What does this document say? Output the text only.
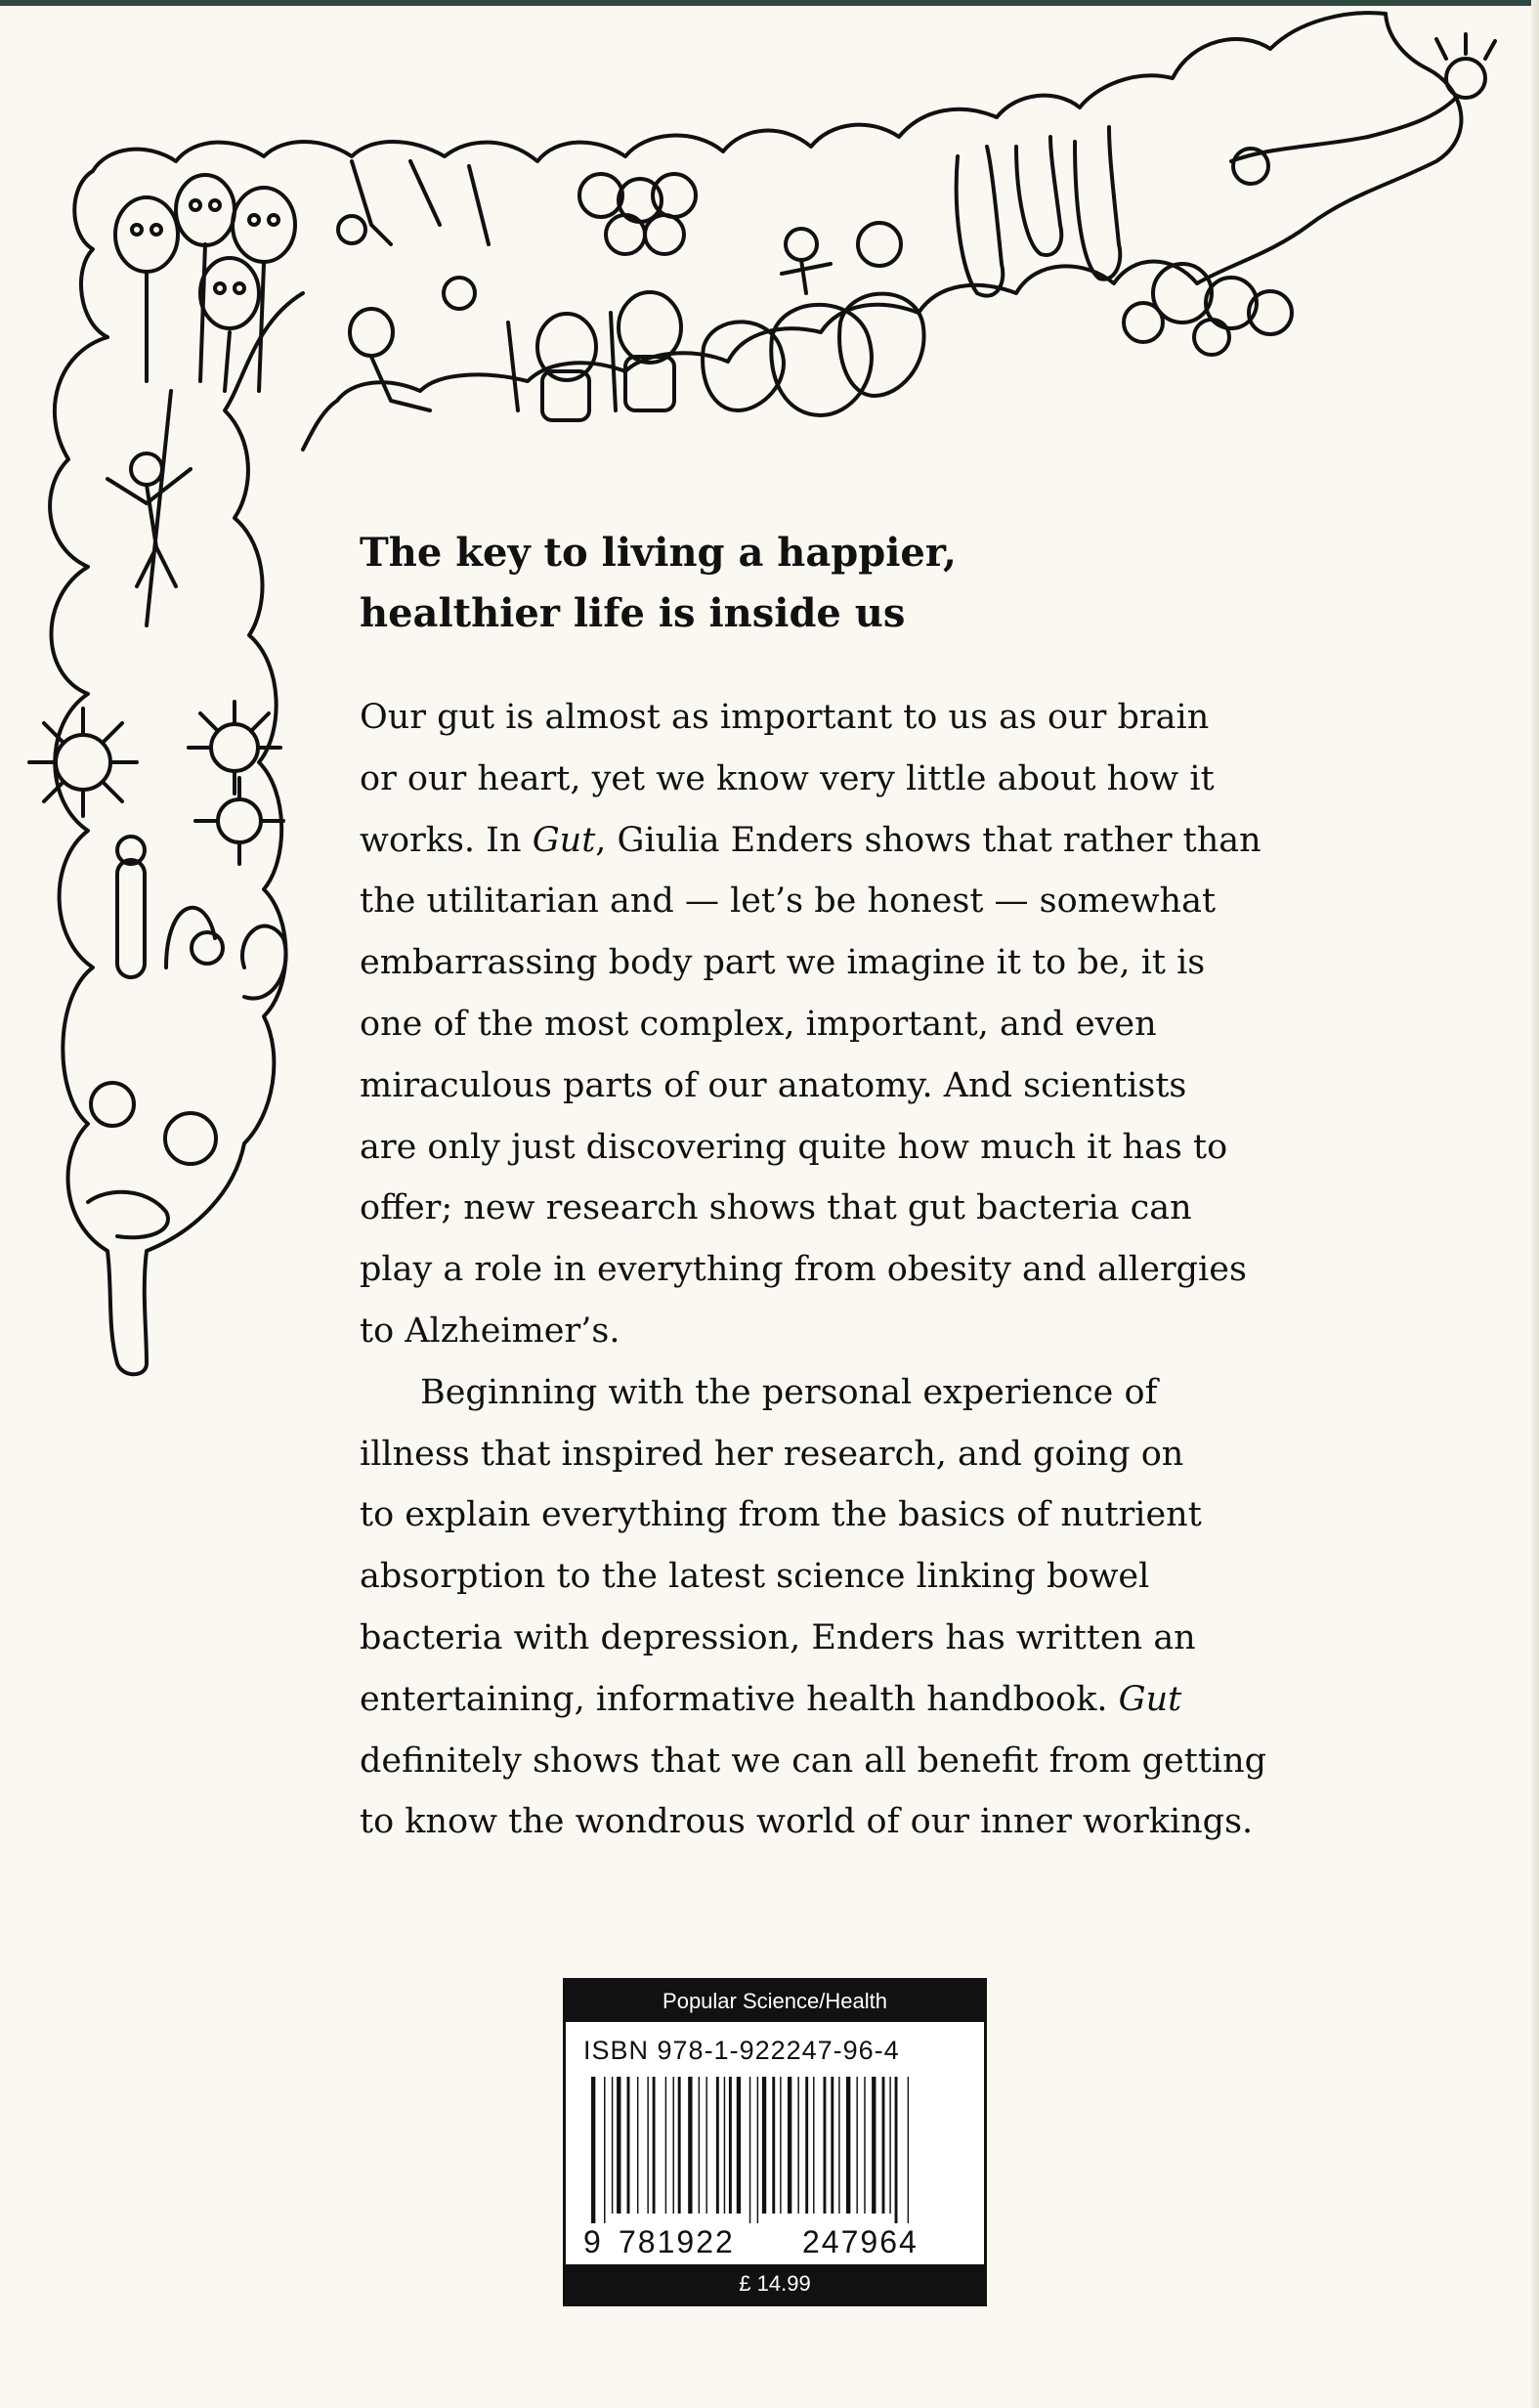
The key to living a happier,
healthier life is inside us

Our gut is almost as important to us as our brain
or our heart, yet we know very little about how it
works. In Gut, Giulia Enders shows that rather than
the utilitarian and — let’s be honest — somewhat
embarrassing body part we imagine it to be, it is
one of the most complex, important, and even
miraculous parts of our anatomy. And scientists
are only just discovering quite how much it has to
offer; new research shows that gut bacteria can
play a role in everything from obesity and allergies
to Alzheimer’s.

Beginning with the personal experience of
illness that inspired her research, and going on
to explain everything from the basics of nutrient
absorption to the latest science linking bowel
bacteria with depression, Enders has written an
entertaining, informative health handbook. Gut
definitely shows that we can all benefit from getting
to know the wondrous world of our inner workings.

Popular Science/Health
ISBN 978-1-922247-96-4
9 781922 247964
£ 14.99
